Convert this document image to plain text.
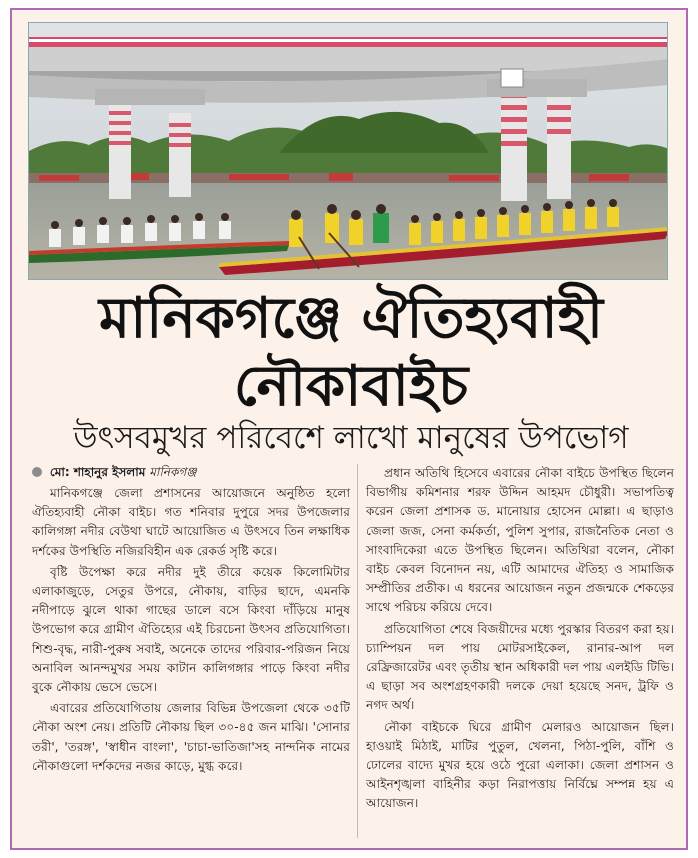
মানিকগঞ্জে ঐতিহ্যবাহী
নৌকাবাইচ
উৎসবমুখর পরিবেশে লাখো মানুষের উপভোগ
মো: শাহানুর ইসলাম মানিকগঞ্জ

মানিকগঞ্জে জেলা প্রশাসনের আয়োজনে অনুষ্ঠিত হলো ঐতিহ্যবাহী নৌকা বাইচ। গত শনিবার দুপুরে সদর উপজেলার কালিগঙ্গা নদীর বেউথা ঘাটে আয়োজিত এ উৎসবে তিন লক্ষাধিক দর্শকের উপস্থিতি নজিরবিহীন এক রেকর্ড সৃষ্টি করে।

বৃষ্টি উপেক্ষা করে নদীর দুই তীরে কয়েক কিলোমিটার এলাকাজুড়ে, সেতুর উপরে, নৌকায়, বাড়ির ছাদে, এমনকি নদীপাড়ে ঝুলে থাকা গাছের ডালে বসে কিংবা দাঁড়িয়ে মানুষ উপভোগ করে গ্রামীণ ঐতিহ্যের এই চিরচেনা উৎসব প্রতিযোগিতা। শিশু-বৃদ্ধ, নারী-পুরুষ সবাই, অনেকে তাদের পরিবার-পরিজন নিয়ে অনাবিল আনন্দমুখর সময় কাটান কালিগঙ্গার পাড়ে কিংবা নদীর বুকে নৌকায় ভেসে ভেসে।

এবারের প্রতিযোগিতায় জেলার বিভিন্ন উপজেলা থেকে ৩৫টি নৌকা অংশ নেয়। প্রতিটি নৌকায় ছিল ৩০-৪৫ জন মাঝি। 'সোনার তরী', 'তরঙ্গ', 'স্বাধীন বাংলা', 'চাচা-ভাতিজা'সহ নান্দনিক নামের নৌকাগুলো দর্শকদের নজর কাড়ে, মুগ্ধ করে।

প্রধান অতিথি হিসেবে এবারের নৌকা বাইচে উপস্থিত ছিলেন বিভাগীয় কমিশনার শরফ উদ্দিন আহমদ চৌধুরী। সভাপতিত্ব করেন জেলা প্রশাসক ড. মানোয়ার হোসেন মোল্লা। এ ছাড়াও জেলা জজ, সেনা কর্মকর্তা, পুলিশ সুপার, রাজনৈতিক নেতা ও সাংবাদিকেরা এতে উপস্থিত ছিলেন। অতিথিরা বলেন, নৌকা বাইচ কেবল বিনোদন নয়, এটি আমাদের ঐতিহ্য ও সামাজিক সম্প্রীতির প্রতীক। এ ধরনের আয়োজন নতুন প্রজন্মকে শেকড়ের সাথে পরিচয় করিয়ে দেবে।

প্রতিযোগিতা শেষে বিজয়ীদের মধ্যে পুরস্কার বিতরণ করা হয়। চ্যাম্পিয়ন দল পায় মোটরসাইকেল, রানার-আপ দল রেফ্রিজারেটর এবং তৃতীয় স্থান অধিকারী দল পায় এলইডি টিভি। এ ছাড়া সব অংশগ্রহণকারী দলকে দেয়া হয়েছে সনদ, ট্রফি ও নগদ অর্থ।

নৌকা বাইচকে ঘিরে গ্রামীণ মেলারও আয়োজন ছিল। হাওয়াই মিঠাই, মাটির পুতুল, খেলনা, পিঠা-পুলি, বাঁশি ও ঢোলের বাদ্যে মুখর হয়ে ওঠে পুরো এলাকা। জেলা প্রশাসন ও আইনশৃঙ্খলা বাহিনীর কড়া নিরাপত্তায় নির্বিঘ্নে সম্পন্ন হয় এ আয়োজন।
